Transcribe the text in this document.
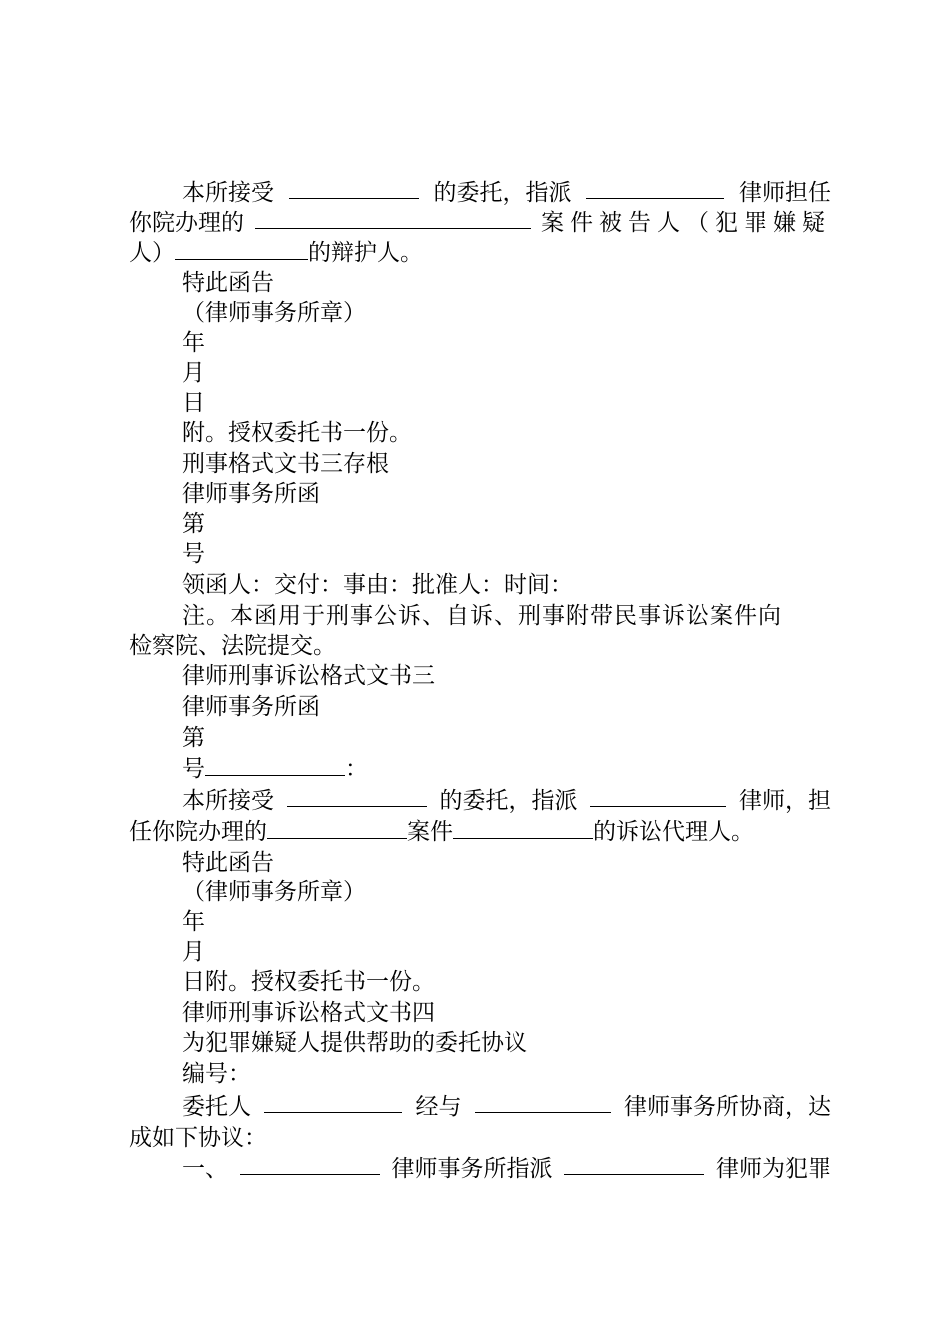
本所接受	的委托，指派	律师担任
你院办理的	案件被告人（犯罪嫌疑
人）	的辩护人。
特此函告
（律师事务所章）
年
月
日
附。授权委托书一份。
刑事格式文书三存根
律师事务所函
第
号
领函人：交付：事由：批准人：时间：
注。本函用于刑事公诉、自诉、刑事附带民事诉讼案件向
检察院、法院提交。
律师刑事诉讼格式文书三
律师事务所函
第
号	：
本所接受	的委托，指派	律师，担
任你院办理的	案件	的诉讼代理人。
特此函告
（律师事务所章）
年
月
日附。授权委托书一份。
律师刑事诉讼格式文书四
为犯罪嫌疑人提供帮助的委托协议
编号：
委托人	经与	律师事务所协商，达
成如下协议：
一、	律师事务所指派	律师为犯罪
